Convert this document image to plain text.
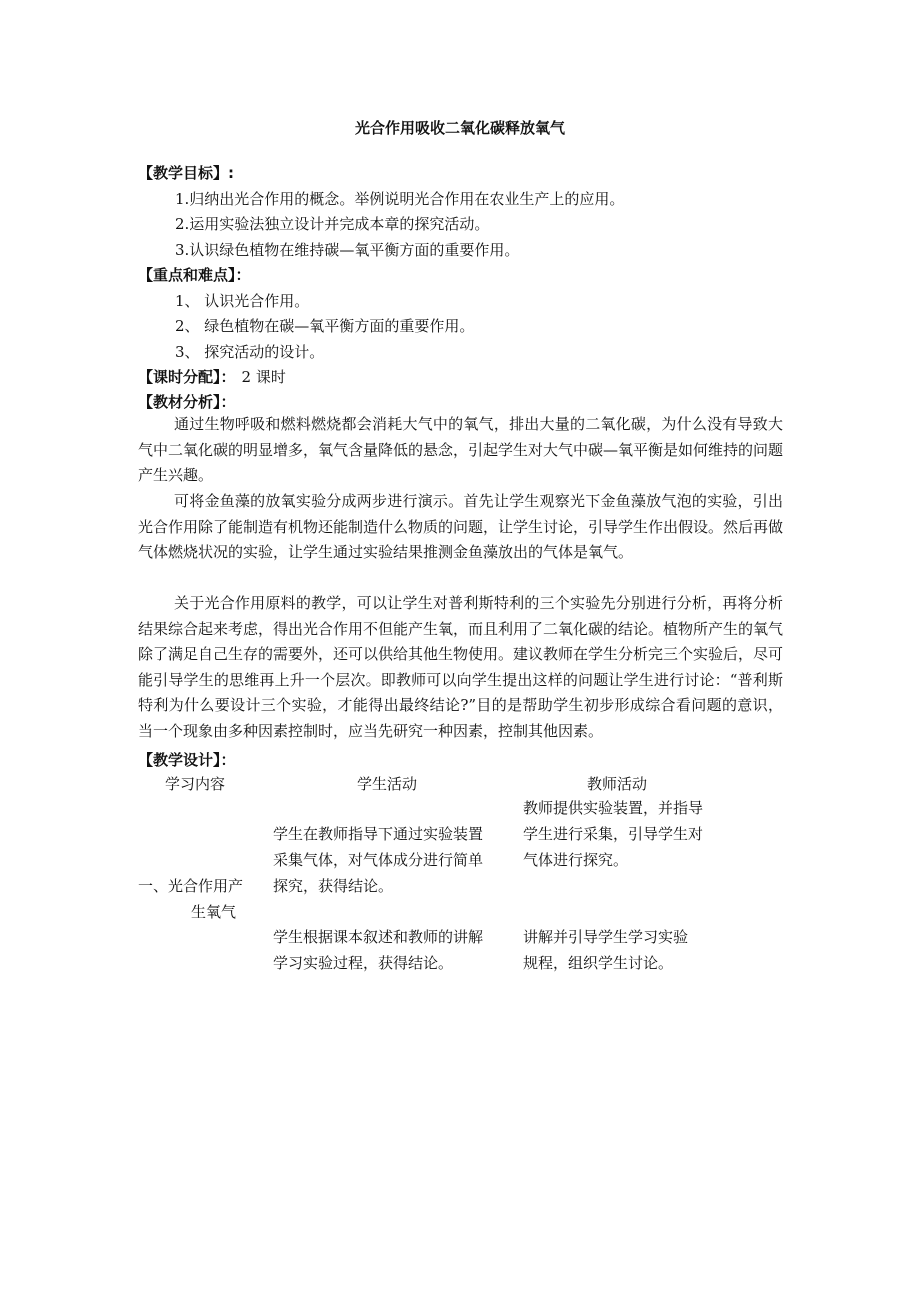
光合作用吸收二氧化碳释放氧气
【教学目标】:
1.归纳出光合作用的概念。举例说明光合作用在农业生产上的应用。
2.运用实验法独立设计并完成本章的探究活动。
3.认识绿色植物在维持碳—氧平衡方面的重要作用。
【重点和难点】：
1、 认识光合作用。
2、 绿色植物在碳—氧平衡方面的重要作用。
3、 探究活动的设计。
【课时分配】： 2 课时
【教材分析】：

通过生物呼吸和燃料燃烧都会消耗大气中的氧气，排出大量的二氧化碳，为什么没有导致大气中二氧化碳的明显增多，氧气含量降低的悬念，引起学生对大气中碳—氧平衡是如何维持的问题产生兴趣。

可将金鱼藻的放氧实验分成两步进行演示。首先让学生观察光下金鱼藻放气泡的实验，引出光合作用除了能制造有机物还能制造什么物质的问题，让学生讨论，引导学生作出假设。然后再做气体燃烧状况的实验，让学生通过实验结果推测金鱼藻放出的气体是氧气。

关于光合作用原料的教学，可以让学生对普利斯特利的三个实验先分别进行分析，再将分析结果综合起来考虑，得出光合作用不但能产生氧，而且利用了二氧化碳的结论。植物所产生的氧气除了满足自己生存的需要外，还可以供给其他生物使用。建议教师在学生分析完三个实验后，尽可能引导学生的思维再上升一个层次。即教师可以向学生提出这样的问题让学生进行讨论：“普利斯特利为什么要设计三个实验，才能得出最终结论?”目的是帮助学生初步形成综合看问题的意识，当一个现象由多种因素控制时，应当先研究一种因素，控制其他因素。

【教学设计】：
学习内容	学生活动	教师活动
教师提供实验装置，并指导
学生进行采集，引导学生对
气体进行探究。
学生在教师指导下通过实验装置
采集气体，对气体成分进行简单
探究，获得结论。
一、光合作用产
生氧气
学生根据课本叙述和教师的讲解
学习实验过程，获得结论。
讲解并引导学生学习实验
规程，组织学生讨论。
